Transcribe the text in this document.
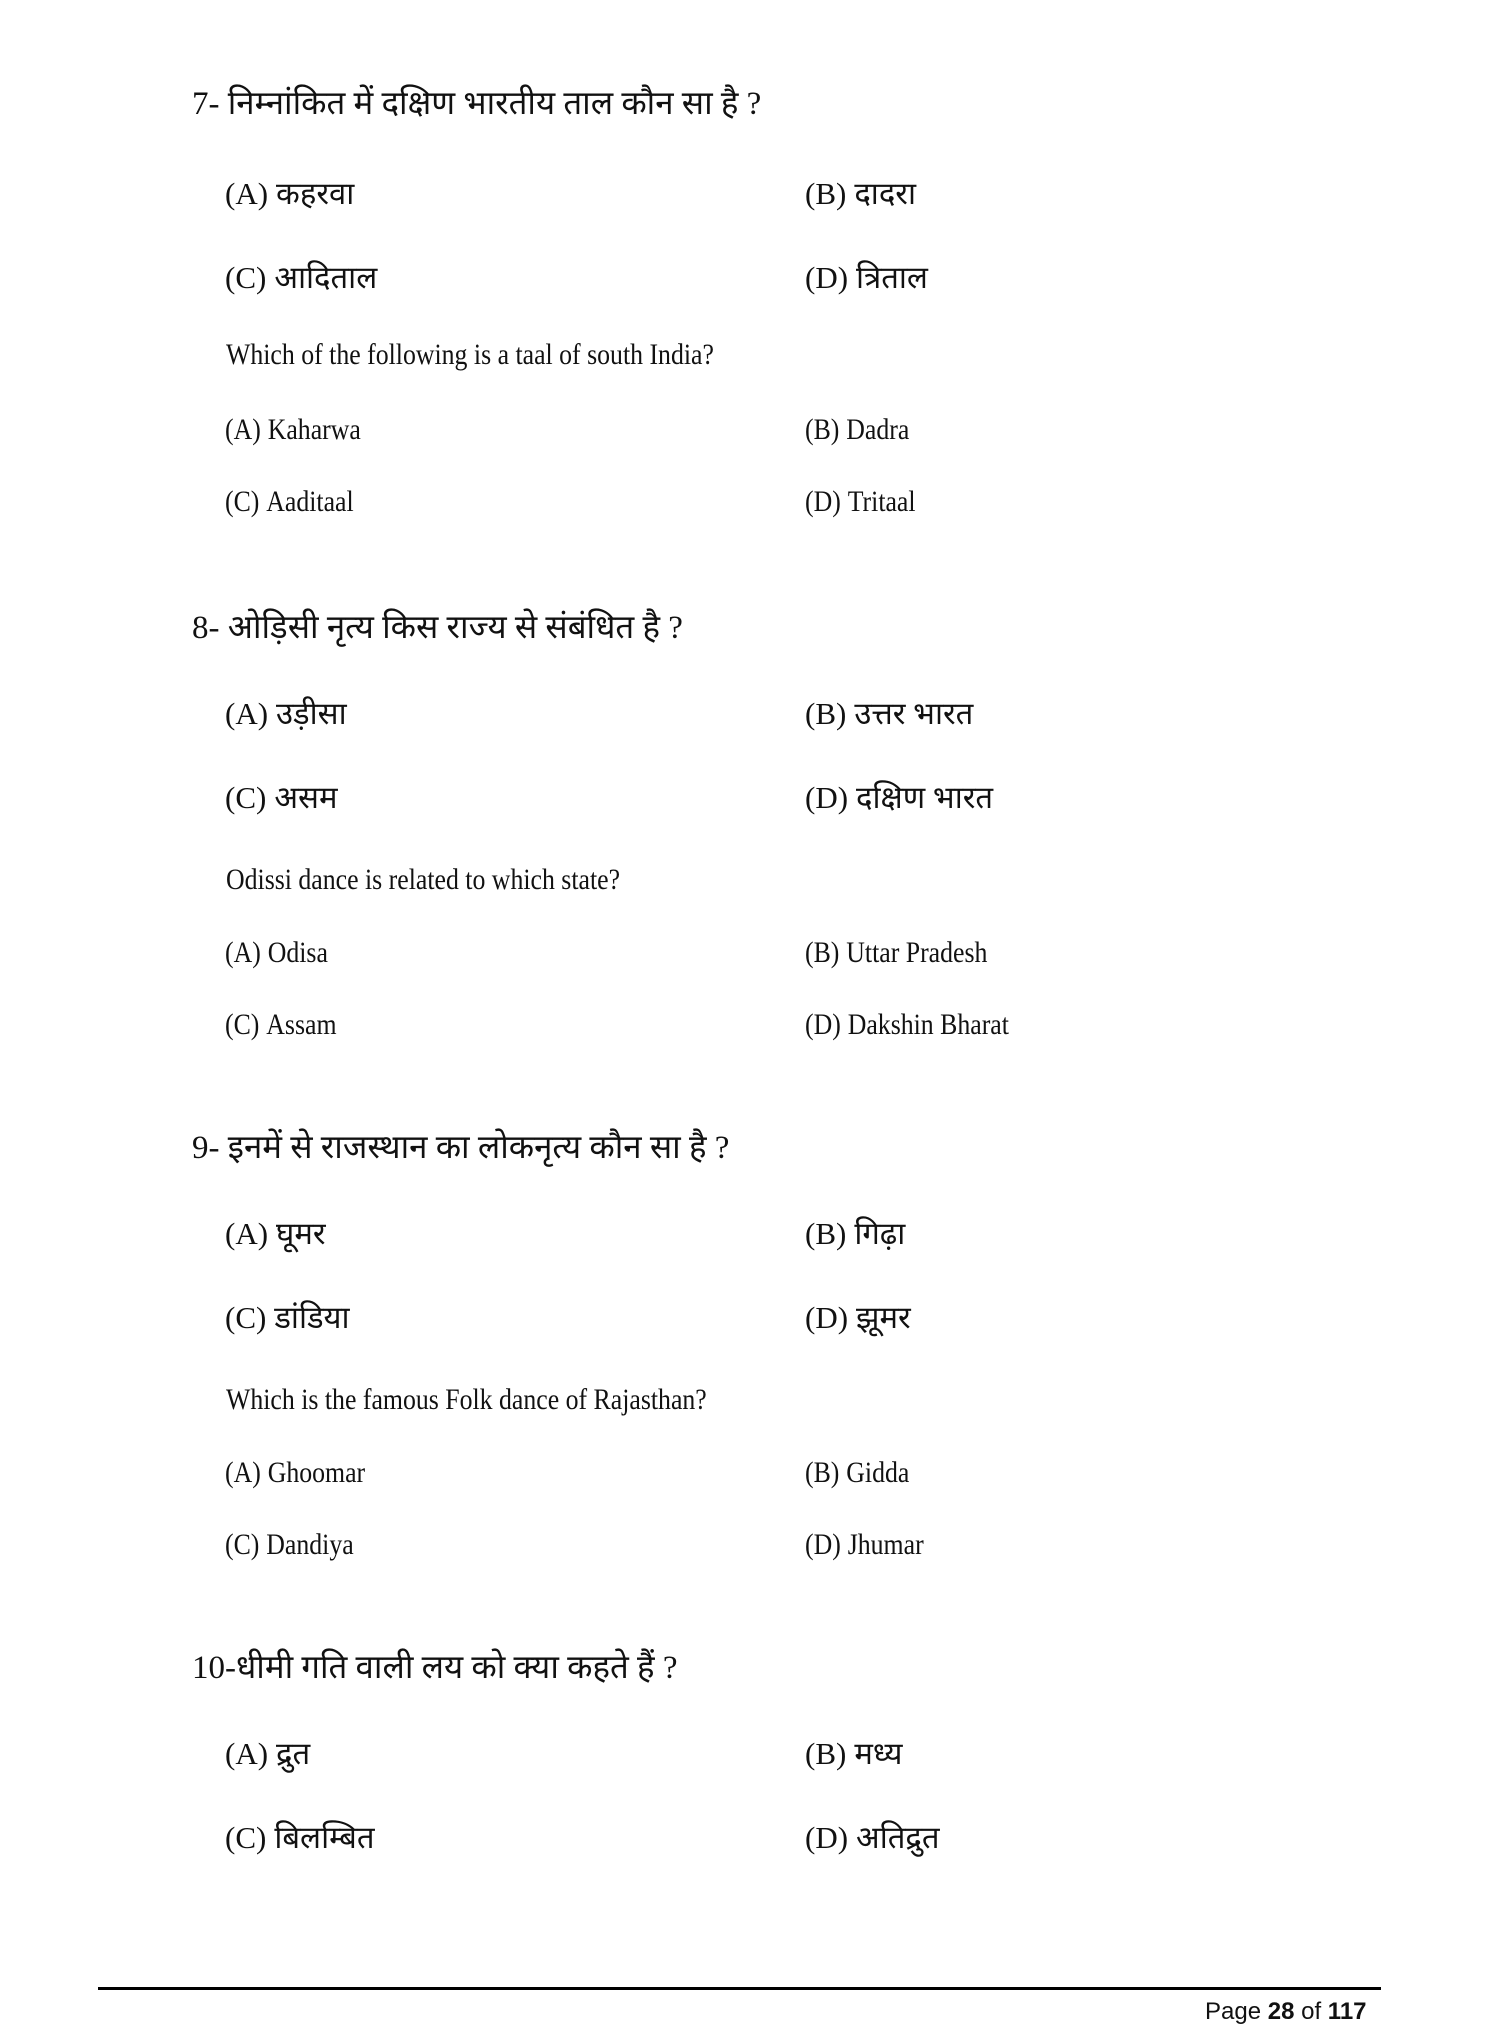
7- निम्नांकित में दक्षिण भारतीय ताल कौन सा है ?
(A) कहरवा	(B) दादरा
(C) आदिताल	(D) त्रिताल
Which of the following is a taal of south India?
(A) Kaharwa	(B) Dadra
(C) Aaditaal	(D) Tritaal
8- ओड़िसी नृत्य किस राज्य से संबंधित है ?
(A) उड़ीसा	(B) उत्तर भारत
(C) असम	(D) दक्षिण भारत
Odissi dance is related to which state?
(A) Odisa	(B) Uttar Pradesh
(C) Assam	(D) Dakshin Bharat
9- इनमें से राजस्थान का लोकनृत्य कौन सा है ?
(A) घूमर	(B) गिढ़ा
(C) डांडिया	(D) झूमर
Which is the famous Folk dance of Rajasthan?
(A) Ghoomar	(B) Gidda
(C) Dandiya	(D) Jhumar
10-धीमी गति वाली लय को क्या कहते हैं ?
(A) द्रुत	(B) मध्य
(C) बिलम्बित	(D) अतिद्रुत
Page 28 of 117
